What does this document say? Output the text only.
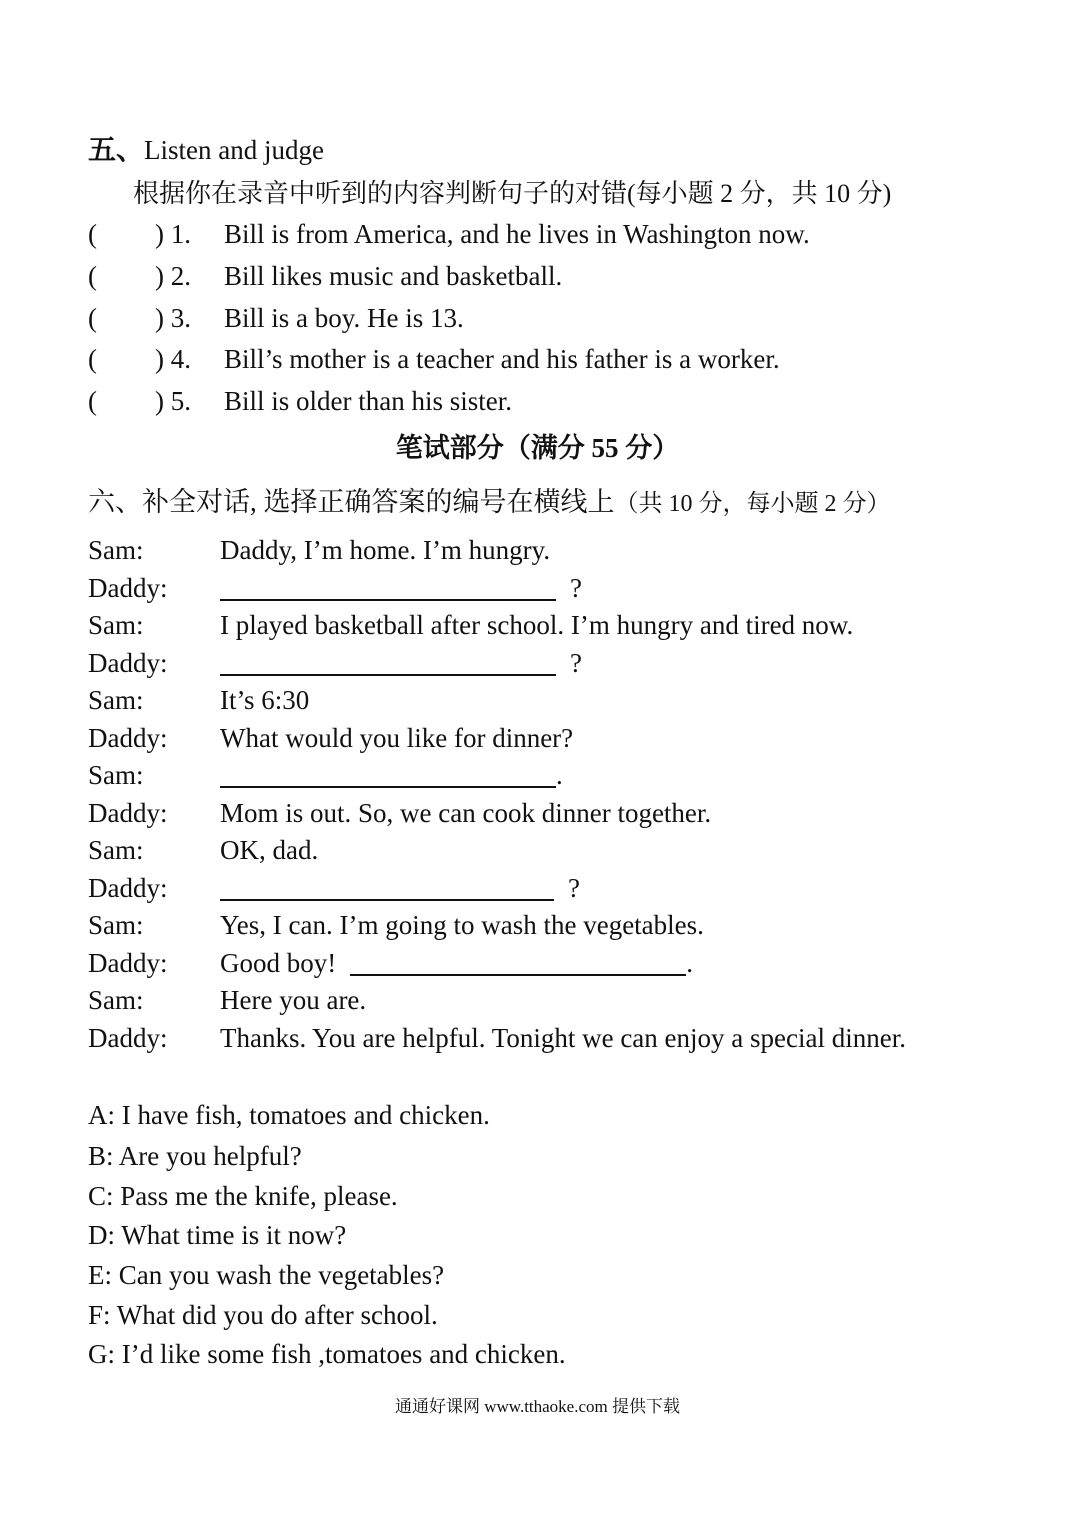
五、Listen and judge
根据你在录音中听到的内容判断句子的对错(每小题 2 分，共 10 分)
( ) 1. Bill is from America, and he lives in Washington now.
( ) 2. Bill likes music and basketball.
( ) 3. Bill is a boy. He is 13.
( ) 4. Bill’s mother is a teacher and his father is a worker.
( ) 5. Bill is older than his sister.
笔试部分（满分 55 分）
六、补全对话, 选择正确答案的编号在横线上（共 10 分，每小题 2 分）
Sam:	Daddy, I’m home. I’m hungry.
Daddy:	?
Sam:	I played basketball after school. I’m hungry and tired now.
Daddy:	?
Sam:	It’s 6:30
Daddy: What would you like for dinner?
Sam:	.
Daddy: Mom is out. So, we can cook dinner together.
Sam:	OK, dad.
Daddy:	?
Sam:	Yes, I can. I’m going to wash the vegetables.
Daddy: Good boy!	.
Sam:	Here you are.
Daddy: Thanks. You are helpful. Tonight we can enjoy a special dinner.
A: I have fish, tomatoes and chicken.
B: Are you helpful?
C: Pass me the knife, please.
D: What time is it now?
E: Can you wash the vegetables?
F: What did you do after school.
G: I’d like some fish ,tomatoes and chicken.
通通好课网 www.tthaoke.com 提供下载
